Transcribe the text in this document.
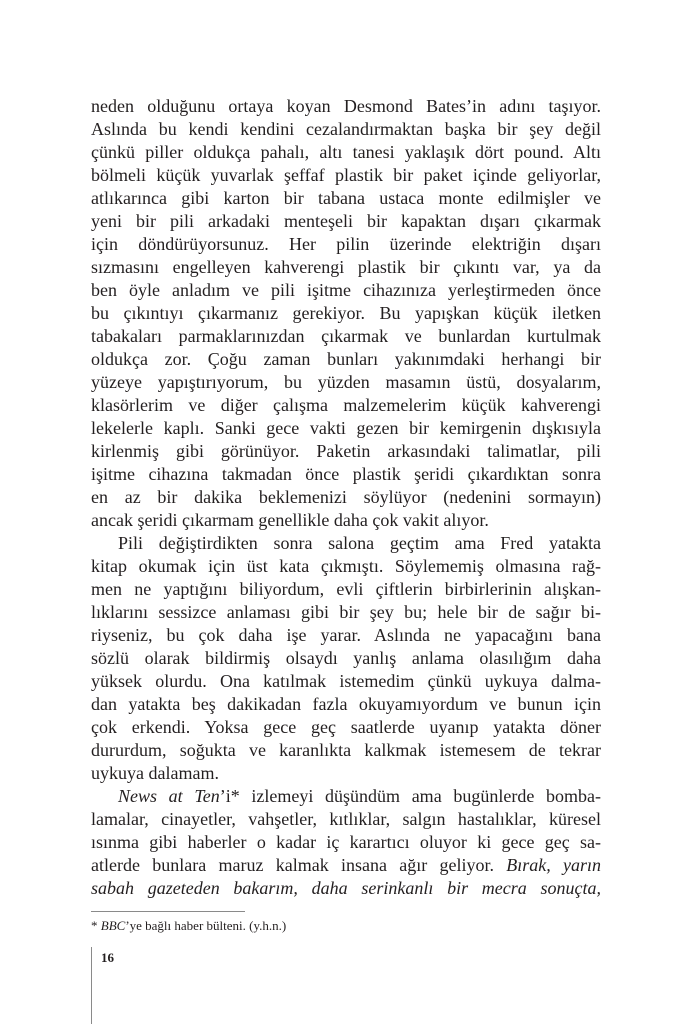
neden olduğunu ortaya koyan Desmond Bates’in adını taşıyor.
Aslında bu kendi kendini cezalandırmaktan başka bir şey değil
çünkü piller oldukça pahalı, altı tanesi yaklaşık dört pound. Altı
bölmeli küçük yuvarlak şeffaf plastik bir paket içinde geliyorlar,
atlıkarınca gibi karton bir tabana ustaca monte edilmişler ve
yeni bir pili arkadaki menteşeli bir kapaktan dışarı çıkarmak
için döndürüyorsunuz. Her pilin üzerinde elektriğin dışarı
sızmasını engelleyen kahverengi plastik bir çıkıntı var, ya da
ben öyle anladım ve pili işitme cihazınıza yerleştirmeden önce
bu çıkıntıyı çıkarmanız gerekiyor. Bu yapışkan küçük iletken
tabakaları parmaklarınızdan çıkarmak ve bunlardan kurtulmak
oldukça zor. Çoğu zaman bunları yakınımdaki herhangi bir
yüzeye yapıştırıyorum, bu yüzden masamın üstü, dosyalarım,
klasörlerim ve diğer çalışma malzemelerim küçük kahverengi
lekelerle kaplı. Sanki gece vakti gezen bir kemirgenin dışkısıyla
kirlenmiş gibi görünüyor. Paketin arkasındaki talimatlar, pili
işitme cihazına takmadan önce plastik şeridi çıkardıktan sonra
en az bir dakika beklemenizi söylüyor (nedenini sormayın)
ancak şeridi çıkarmam genellikle daha çok vakit alıyor.
Pili değiştirdikten sonra salona geçtim ama Fred yatakta
kitap okumak için üst kata çıkmıştı. Söylememiş olmasına rağ-
men ne yaptığını biliyordum, evli çiftlerin birbirlerinin alışkan-
lıklarını sessizce anlaması gibi bir şey bu; hele bir de sağır bi-
riyseniz, bu çok daha işe yarar. Aslında ne yapacağını bana
sözlü olarak bildirmiş olsaydı yanlış anlama olasılığım daha
yüksek olurdu. Ona katılmak istemedim çünkü uykuya dalma-
dan yatakta beş dakikadan fazla okuyamıyordum ve bunun için
çok erkendi. Yoksa gece geç saatlerde uyanıp yatakta döner
dururdum, soğukta ve karanlıkta kalkmak istemesem de tekrar
uykuya dalamam.
News at Ten’i* izlemeyi düşündüm ama bugünlerde bomba-
lamalar, cinayetler, vahşetler, kıtlıklar, salgın hastalıklar, küresel
ısınma gibi haberler o kadar iç karartıcı oluyor ki gece geç sa-
atlerde bunlara maruz kalmak insana ağır geliyor. Bırak, yarın
sabah gazeteden bakarım, daha serinkanlı bir mecra sonuçta,
* BBC’ye bağlı haber bülteni. (y.h.n.)
16
